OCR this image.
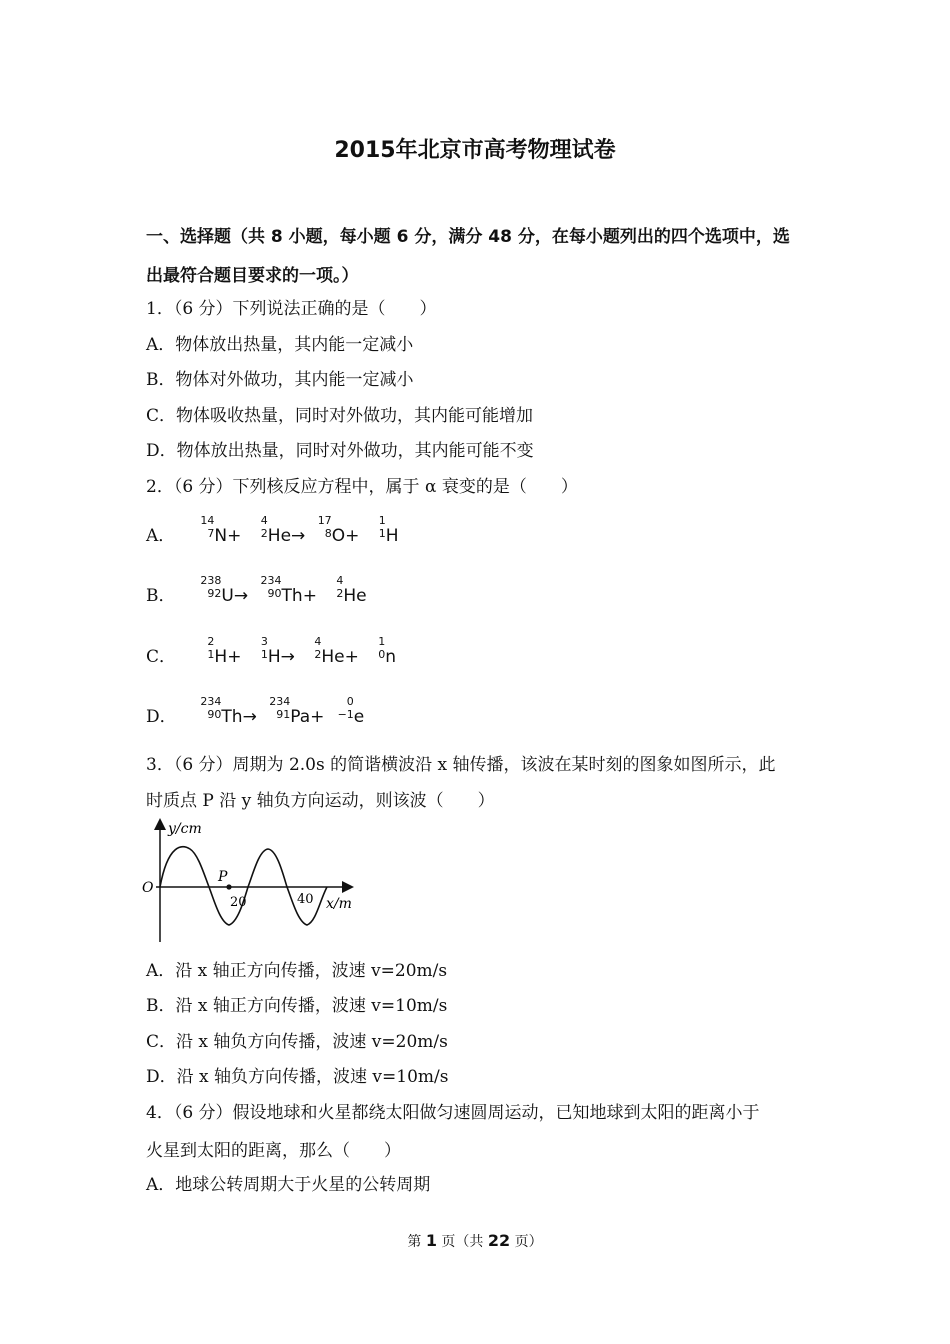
2015年北京市高考物理试卷
一、选择题（共 8 小题，每小题 6 分，满分 48 分，在每小题列出的四个选项中，选
出最符合题目要求的一项。）
1．（6 分）下列说法正确的是（　　）
A．物体放出热量，其内能一定减小
B．物体对外做功，其内能一定减小
C．物体吸收热量，同时对外做功，其内能可能增加
D．物体放出热量，同时对外做功，其内能可能不变
2．（6 分）下列核反应方程中，属于 α 衰变的是（　　）
A．
14
7 N+
4
2 He→
17
8 O+
1
1 H
B．
238
92 U→
234
90 Th+
4
2 He
C．
2
1 H+
3
1 H→
4
2 He+
1
0 n
D．
234
90 Th→
234
91 Pa+
0
−1 e
3．（6 分）周期为 2.0s 的简谐横波沿 x 轴传播，该波在某时刻的图象如图所示，此
时质点 P 沿 y 轴负方向运动，则该波（　　）
y/cm
O
P
20	40 x/m
A．沿 x 轴正方向传播，波速 v=20m/s
B．沿 x 轴正方向传播，波速 v=10m/s
C．沿 x 轴负方向传播，波速 v=20m/s
D．沿 x 轴负方向传播，波速 v=10m/s
4．（6 分）假设地球和火星都绕太阳做匀速圆周运动，已知地球到太阳的距离小于
火星到太阳的距离，那么（　　）
A．地球公转周期大于火星的公转周期
第 1 页（共 22 页）
